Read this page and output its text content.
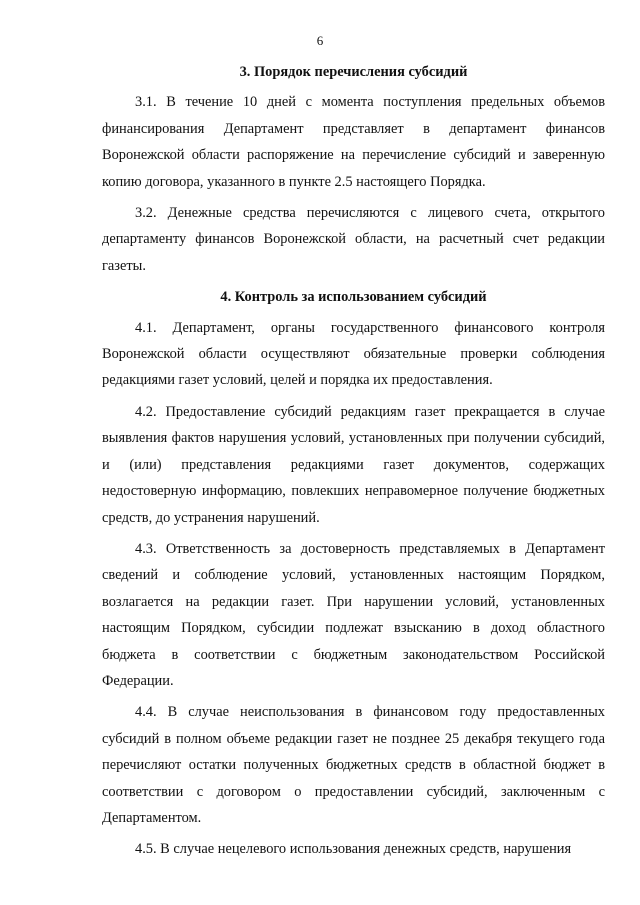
6
3. Порядок перечисления субсидий

3.1. В течение 10 дней с момента поступления предельных объемов финансирования Департамент представляет в департамент финансов Воронежской области распоряжение на перечисление субсидий и заверенную копию договора, указанного в пункте 2.5 настоящего Порядка.

3.2. Денежные средства перечисляются с лицевого счета, открытого департаменту финансов Воронежской области, на расчетный счет редакции газеты.

4. Контроль за использованием субсидий

4.1. Департамент, органы государственного финансового контроля Воронежской области осуществляют обязательные проверки соблюдения редакциями газет условий, целей и порядка их предоставления.

4.2. Предоставление субсидий редакциям газет прекращается в случае выявления фактов нарушения условий, установленных при получении субсидий, и (или) представления редакциями газет документов, содержащих недостоверную информацию, повлекших неправомерное получение бюджетных средств, до устранения нарушений.

4.3. Ответственность за достоверность представляемых в Департамент сведений и соблюдение условий, установленных настоящим Порядком, возлагается на редакции газет. При нарушении условий, установленных настоящим Порядком, субсидии подлежат взысканию в доход областного бюджета в соответствии с бюджетным законодательством Российской Федерации.

4.4. В случае неиспользования в финансовом году предоставленных субсидий в полном объеме редакции газет не позднее 25 декабря текущего года перечисляют остатки полученных бюджетных средств в областной бюджет в соответствии с договором о предоставлении субсидий, заключенным с Департаментом.

4.5. В случае нецелевого использования денежных средств, нарушения
